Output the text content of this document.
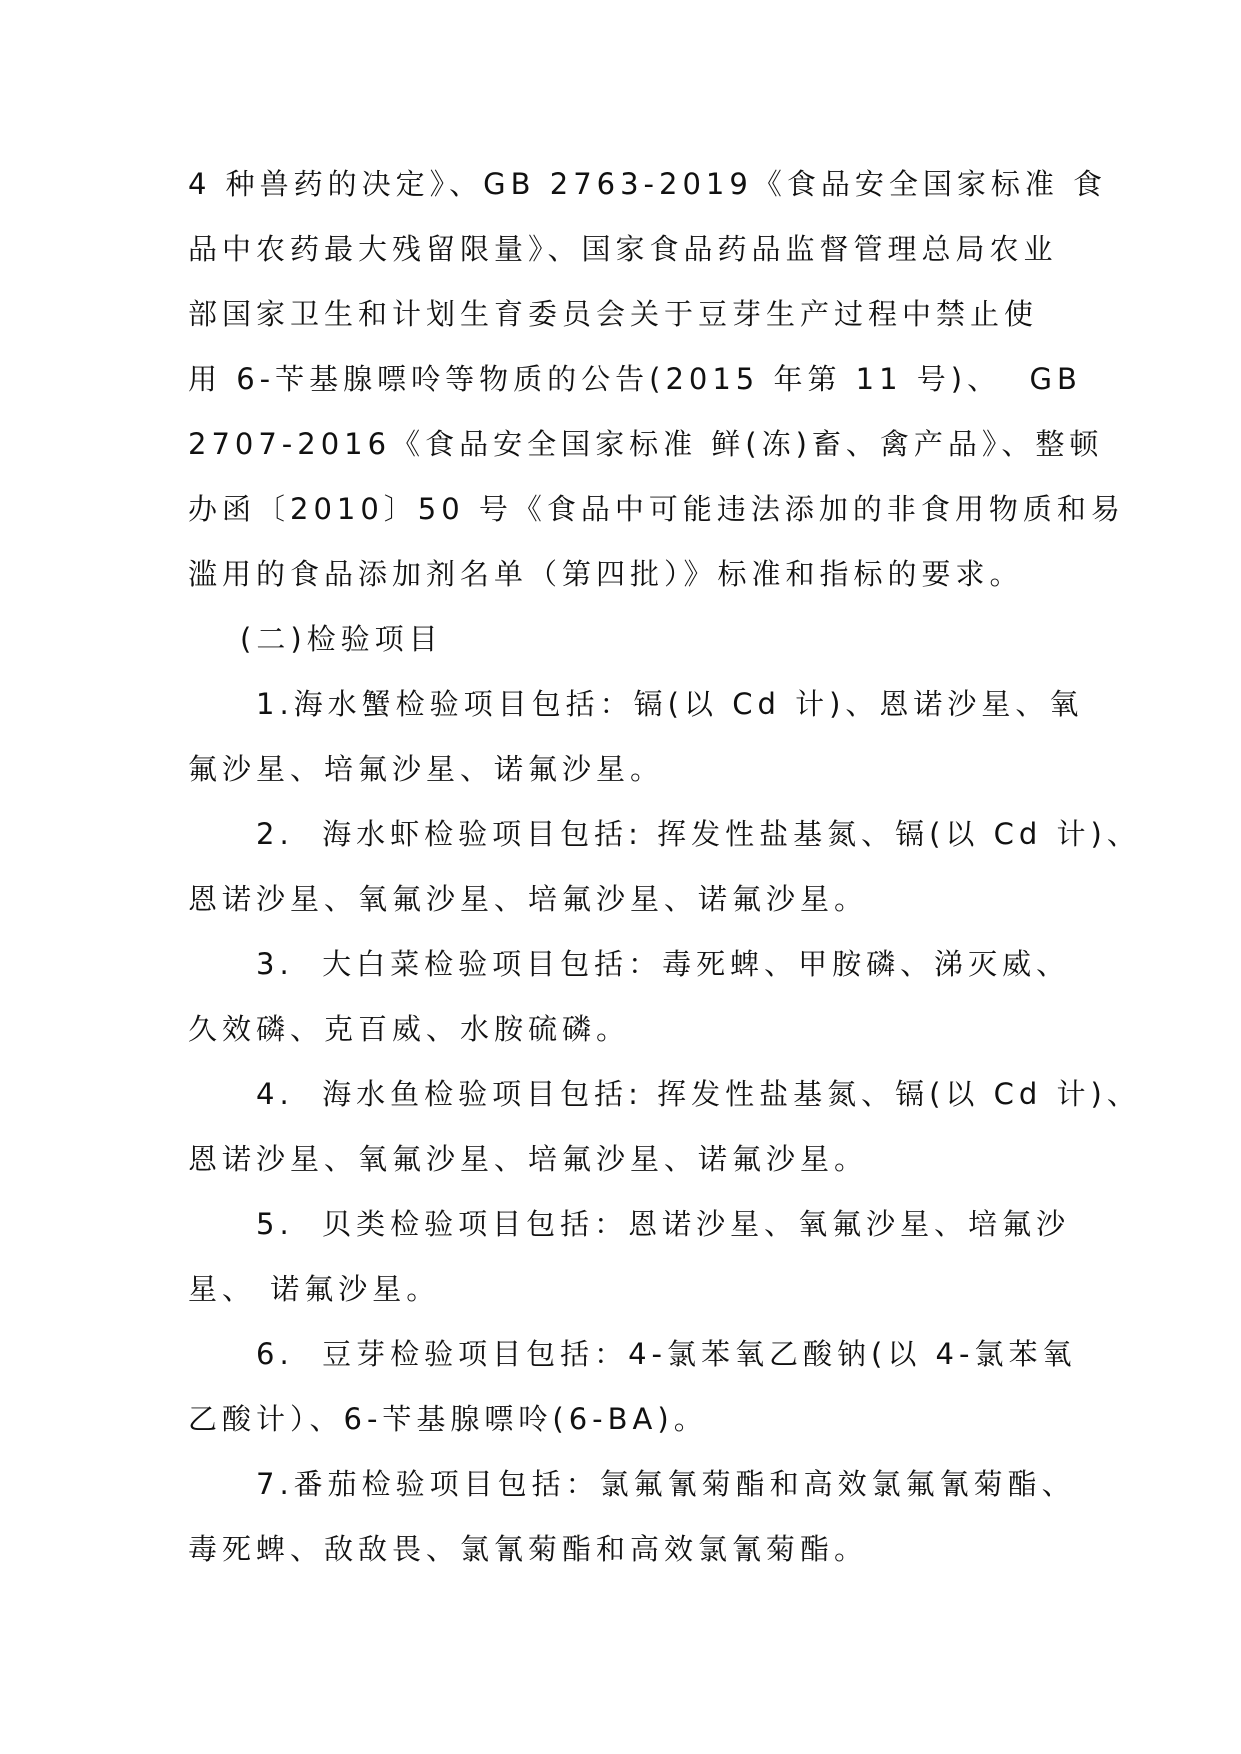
4 种兽药的决定》、GB 2763-2019《食品安全国家标准 食
品中农药最大残留限量》、国家食品药品监督管理总局农业
部国家卫生和计划生育委员会关于豆芽生产过程中禁止使
用 6-苄基腺嘌呤等物质的公告(2015 年第 11 号)、  GB
2707-2016《食品安全国家标准 鲜(冻)畜、禽产品》、整顿
办函〔2010〕50 号《食品中可能违法添加的非食用物质和易
滥用的食品添加剂名单（第四批）》标准和指标的要求。
(二)检验项目
1.海水蟹检验项目包括：镉(以 Cd 计)、恩诺沙星、氧
氟沙星、培氟沙星、诺氟沙星。
2.  海水虾检验项目包括: 挥发性盐基氮、镉(以 Cd 计)、
恩诺沙星、氧氟沙星、培氟沙星、诺氟沙星。
3.  大白菜检验项目包括：毒死蜱、甲胺磷、涕灭威、
久效磷、克百威、水胺硫磷。
4.  海水鱼检验项目包括: 挥发性盐基氮、镉(以 Cd 计)、
恩诺沙星、氧氟沙星、培氟沙星、诺氟沙星。
5.  贝类检验项目包括：恩诺沙星、氧氟沙星、培氟沙
星、 诺氟沙星。
6.  豆芽检验项目包括：4-氯苯氧乙酸钠(以 4-氯苯氧
乙酸计）、6-苄基腺嘌呤(6-BA)。
7.番茄检验项目包括：氯氟氰菊酯和高效氯氟氰菊酯、
毒死蜱、敌敌畏、氯氰菊酯和高效氯氰菊酯。
